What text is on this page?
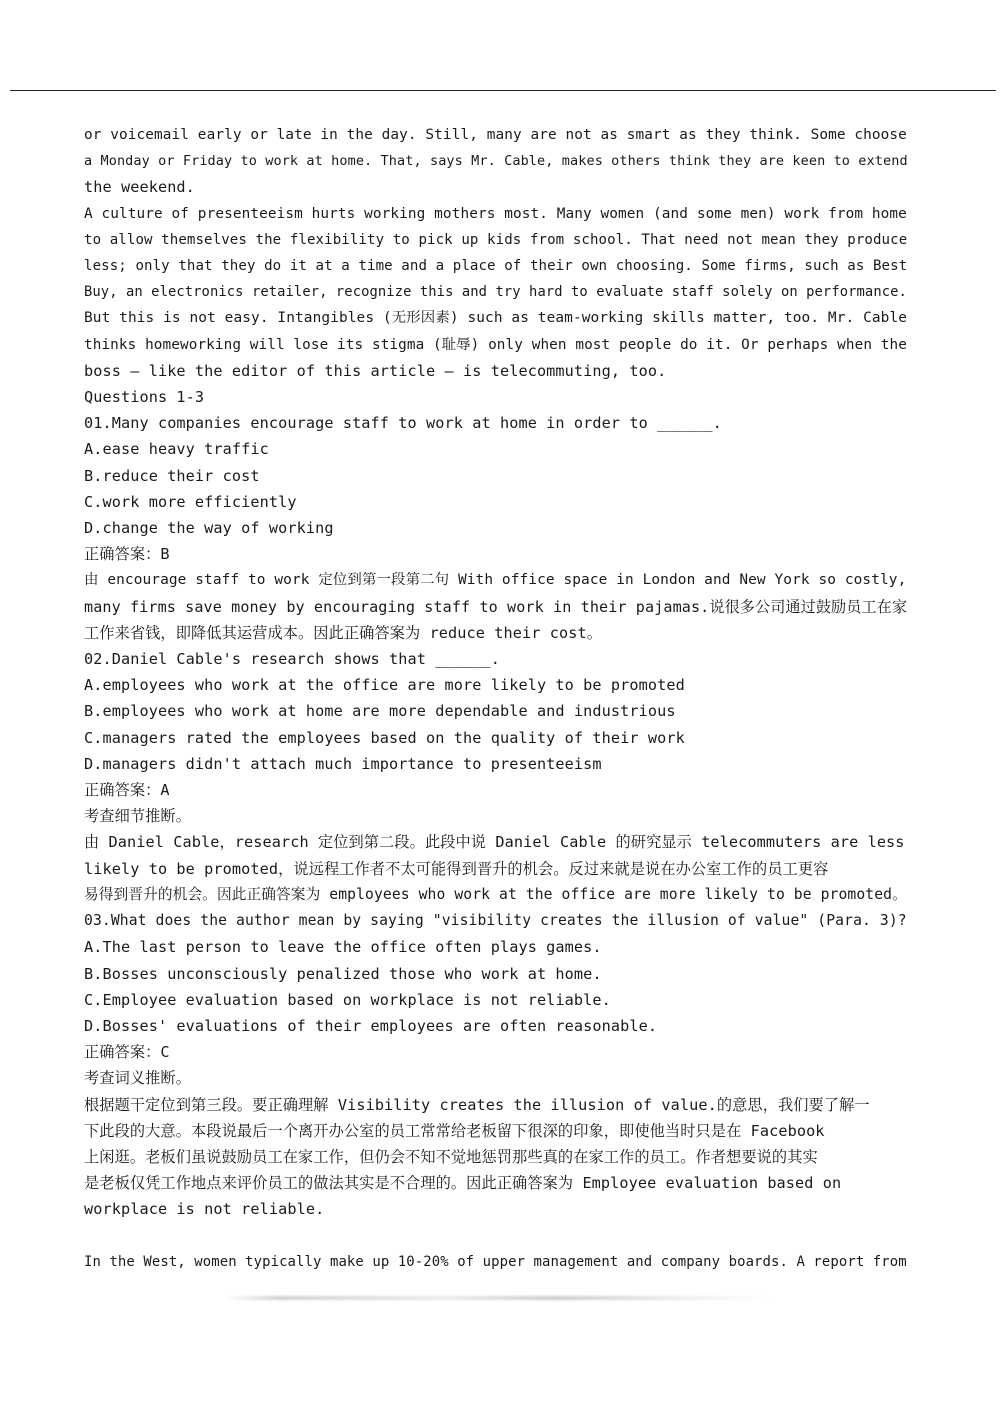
or voicemail early or late in the day. Still, many are not as smart as they think. Some choose
a Monday or Friday to work at home. That, says Mr. Cable, makes others think they are keen to extend
the weekend.
A culture of presenteeism hurts working mothers most. Many women (and some men) work from home
to allow themselves the flexibility to pick up kids from school. That need not mean they produce
less; only that they do it at a time and a place of their own choosing. Some firms, such as Best
Buy, an electronics retailer, recognize this and try hard to evaluate staff solely on performance.
But this is not easy. Intangibles (无形因素) such as team-working skills matter, too. Mr. Cable
thinks homeworking will lose its stigma (耻辱) only when most people do it. Or perhaps when the
boss — like the editor of this article — is telecommuting, too.
Questions 1-3
01.Many companies encourage staff to work at home in order to ______.
A.ease heavy traffic
B.reduce their cost
C.work more efficiently
D.change the way of working
正确答案：B
由 encourage staff to work 定位到第一段第二句 With office space in London and New York so costly,
many firms save money by encouraging staff to work in their pajamas.说很多公司通过鼓励员工在家
工作来省钱，即降低其运营成本。因此正确答案为 reduce their cost。
02.Daniel Cable's research shows that ______.
A.employees who work at the office are more likely to be promoted
B.employees who work at home are more dependable and industrious
C.managers rated the employees based on the quality of their work
D.managers didn't attach much importance to presenteeism
正确答案：A
考查细节推断。
由 Daniel Cable，research 定位到第二段。此段中说 Daniel Cable 的研究显示 telecommuters are less
likely to be promoted，说远程工作者不太可能得到晋升的机会。反过来就是说在办公室工作的员工更容
易得到晋升的机会。因此正确答案为 employees who work at the office are more likely to be promoted。
03.What does the author mean by saying "visibility creates the illusion of value" (Para. 3)?
A.The last person to leave the office often plays games.
B.Bosses unconsciously penalized those who work at home.
C.Employee evaluation based on workplace is not reliable.
D.Bosses' evaluations of their employees are often reasonable.
正确答案：C
考查词义推断。
根据题干定位到第三段。要正确理解 Visibility creates the illusion of value.的意思，我们要了解一
下此段的大意。本段说最后一个离开办公室的员工常常给老板留下很深的印象，即使他当时只是在 Facebook
上闲逛。老板们虽说鼓励员工在家工作，但仍会不知不觉地惩罚那些真的在家工作的员工。作者想要说的其实
是老板仅凭工作地点来评价员工的做法其实是不合理的。因此正确答案为 Employee evaluation based on
workplace is not reliable.
In the West, women typically make up 10-20% of upper management and company boards. A report from
